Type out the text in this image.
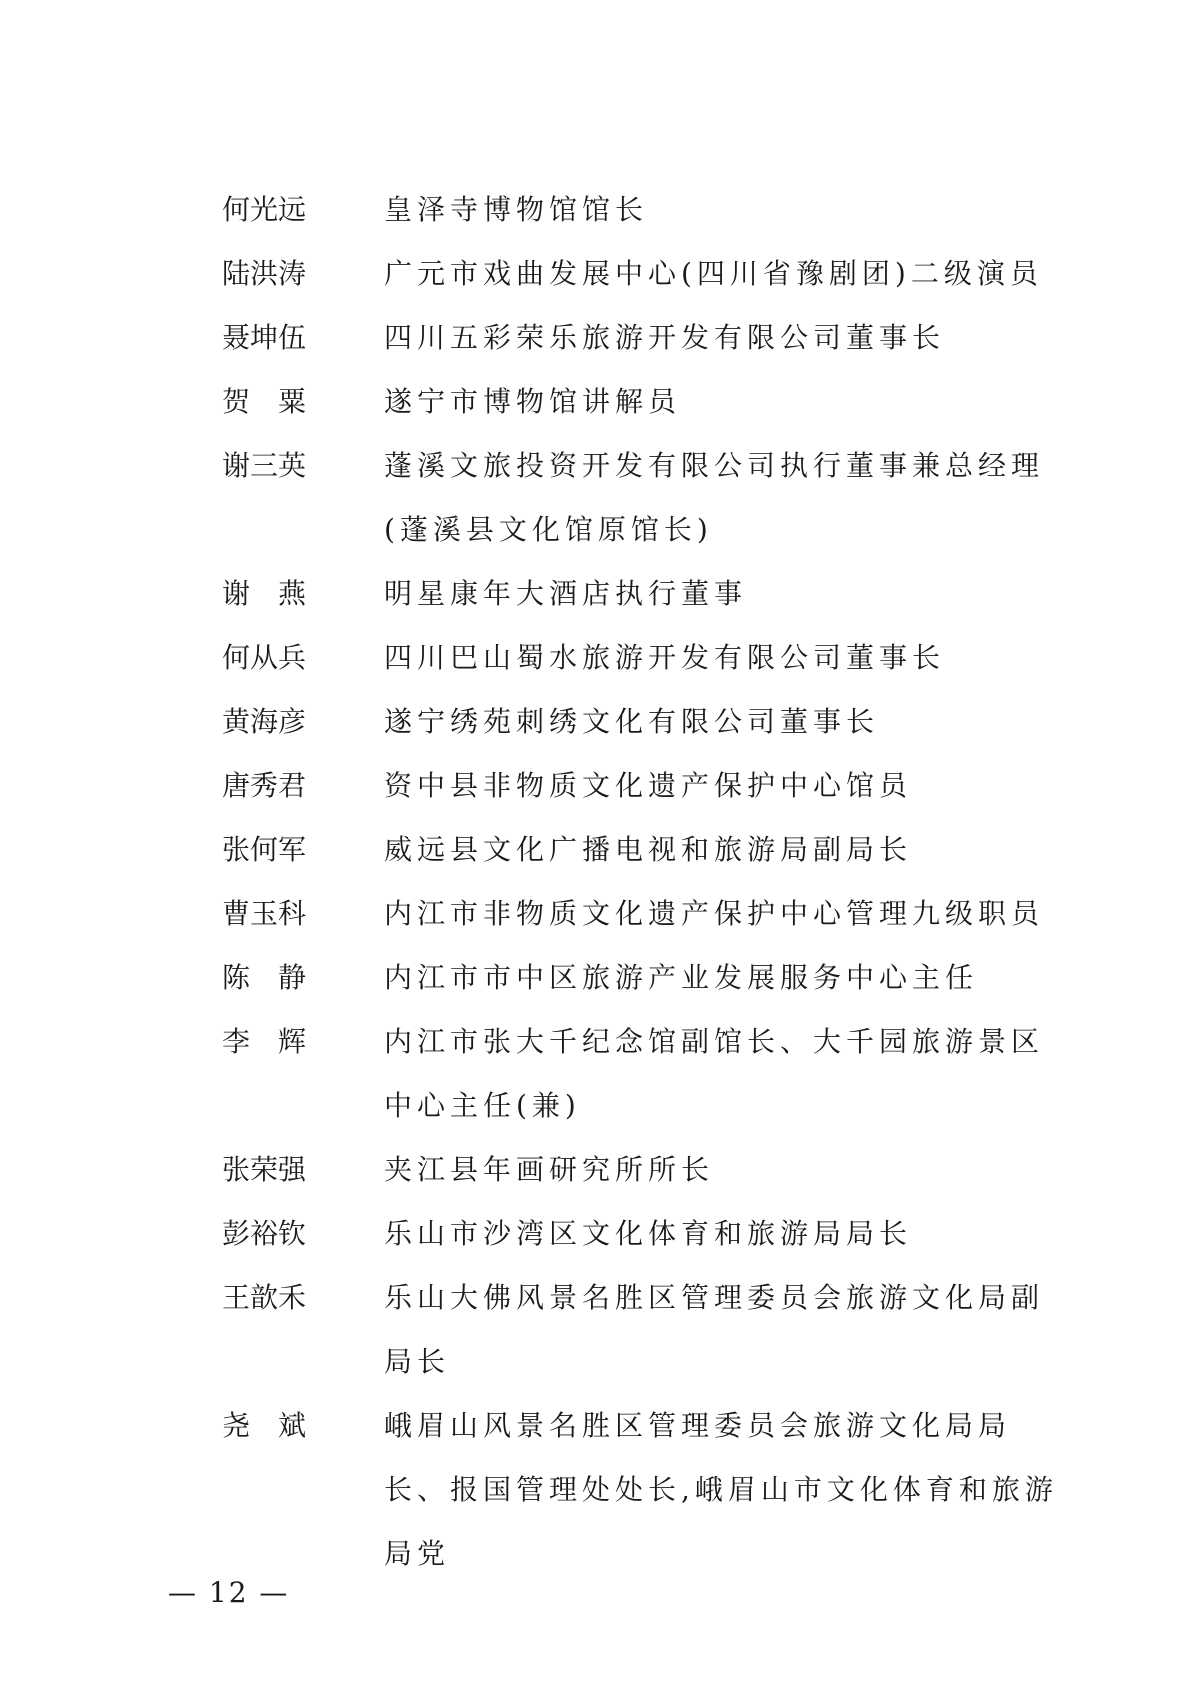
何光远	皇泽寺博物馆馆长
陆洪涛	广元市戏曲发展中心(四川省豫剧团)二级演员
聂坤伍	四川五彩荣乐旅游开发有限公司董事长
贺　粟	遂宁市博物馆讲解员
谢三英	蓬溪文旅投资开发有限公司执行董事兼总经理(蓬溪县文化馆原馆长)
谢　燕	明星康年大酒店执行董事
何从兵	四川巴山蜀水旅游开发有限公司董事长
黄海彦	遂宁绣苑刺绣文化有限公司董事长
唐秀君	资中县非物质文化遗产保护中心馆员
张何军	威远县文化广播电视和旅游局副局长
曹玉科	内江市非物质文化遗产保护中心管理九级职员
陈　静	内江市市中区旅游产业发展服务中心主任
李　辉	内江市张大千纪念馆副馆长、大千园旅游景区中心主任(兼)
张荣强	夹江县年画研究所所长
彭裕钦	乐山市沙湾区文化体育和旅游局局长
王歆禾	乐山大佛风景名胜区管理委员会旅游文化局副局长
尧　斌	峨眉山风景名胜区管理委员会旅游文化局局长、报国管理处处长,峨眉山市文化体育和旅游局党
— 12 —
